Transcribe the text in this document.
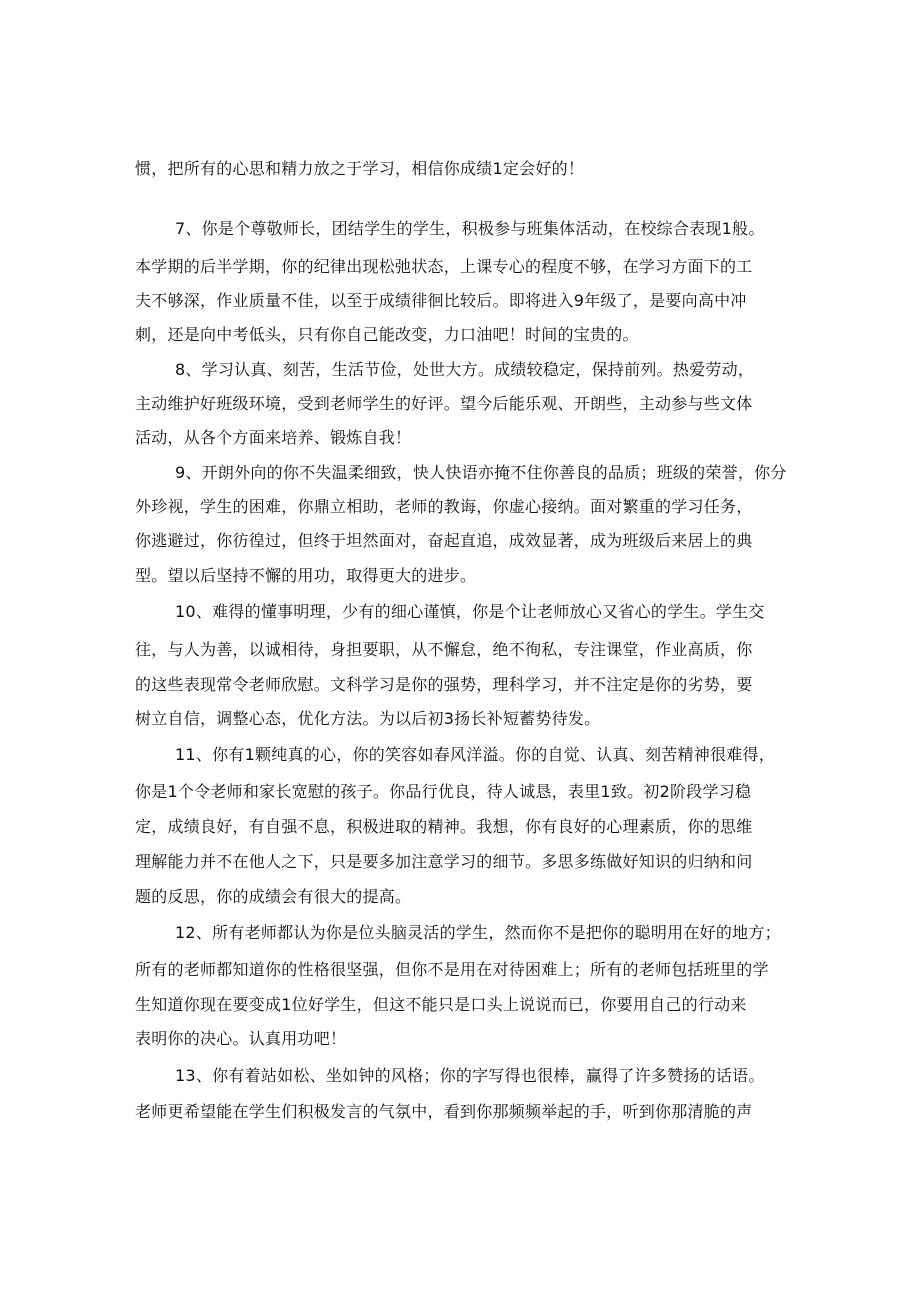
惯，把所有的心思和精力放之于学习，相信你成绩1定会好的！
7、你是个尊敬师长，团结学生的学生，积极参与班集体活动，在校综合表现1般。
本学期的后半学期，你的纪律出现松弛状态，上课专心的程度不够，在学习方面下的工
夫不够深，作业质量不佳，以至于成绩徘徊比较后。即将进入9年级了，是要向高中冲
刺，还是向中考低头，只有你自己能改变，力口油吧！时间的宝贵的。
8、学习认真、刻苦，生活节俭，处世大方。成绩较稳定，保持前列。热爱劳动，
主动维护好班级环境，受到老师学生的好评。望今后能乐观、开朗些，主动参与些文体
活动，从各个方面来培养、锻炼自我！
9、开朗外向的你不失温柔细致，快人快语亦掩不住你善良的品质；班级的荣誉，你分
外珍视，学生的困难，你鼎立相助，老师的教诲，你虚心接纳。面对繁重的学习任务，
你逃避过，你彷徨过，但终于坦然面对，奋起直追，成效显著，成为班级后来居上的典
型。望以后坚持不懈的用功，取得更大的进步。
10、难得的懂事明理，少有的细心谨慎，你是个让老师放心又省心的学生。学生交
往，与人为善，以诚相待，身担要职，从不懈怠，绝不徇私，专注课堂，作业高质，你
的这些表现常令老师欣慰。文科学习是你的强势，理科学习，并不注定是你的劣势，要
树立自信，调整心态，优化方法。为以后初3扬长补短蓄势待发。
11、你有1颗纯真的心，你的笑容如春风洋溢。你的自觉、认真、刻苦精神很难得，
你是1个令老师和家长宽慰的孩子。你品行优良，待人诚恳，表里1致。初2阶段学习稳
定，成绩良好，有自强不息，积极进取的精神。我想，你有良好的心理素质，你的思维
理解能力并不在他人之下，只是要多加注意学习的细节。多思多练做好知识的归纳和问
题的反思，你的成绩会有很大的提高。
12、所有老师都认为你是位头脑灵活的学生，然而你不是把你的聪明用在好的地方；
所有的老师都知道你的性格很坚强，但你不是用在对待困难上；所有的老师包括班里的学
生知道你现在要变成1位好学生，但这不能只是口头上说说而已，你要用自己的行动来
表明你的决心。认真用功吧！
13、你有着站如松、坐如钟的风格；你的字写得也很棒，赢得了许多赞扬的话语。
老师更希望能在学生们积极发言的气氛中，看到你那频频举起的手，听到你那清脆的声
